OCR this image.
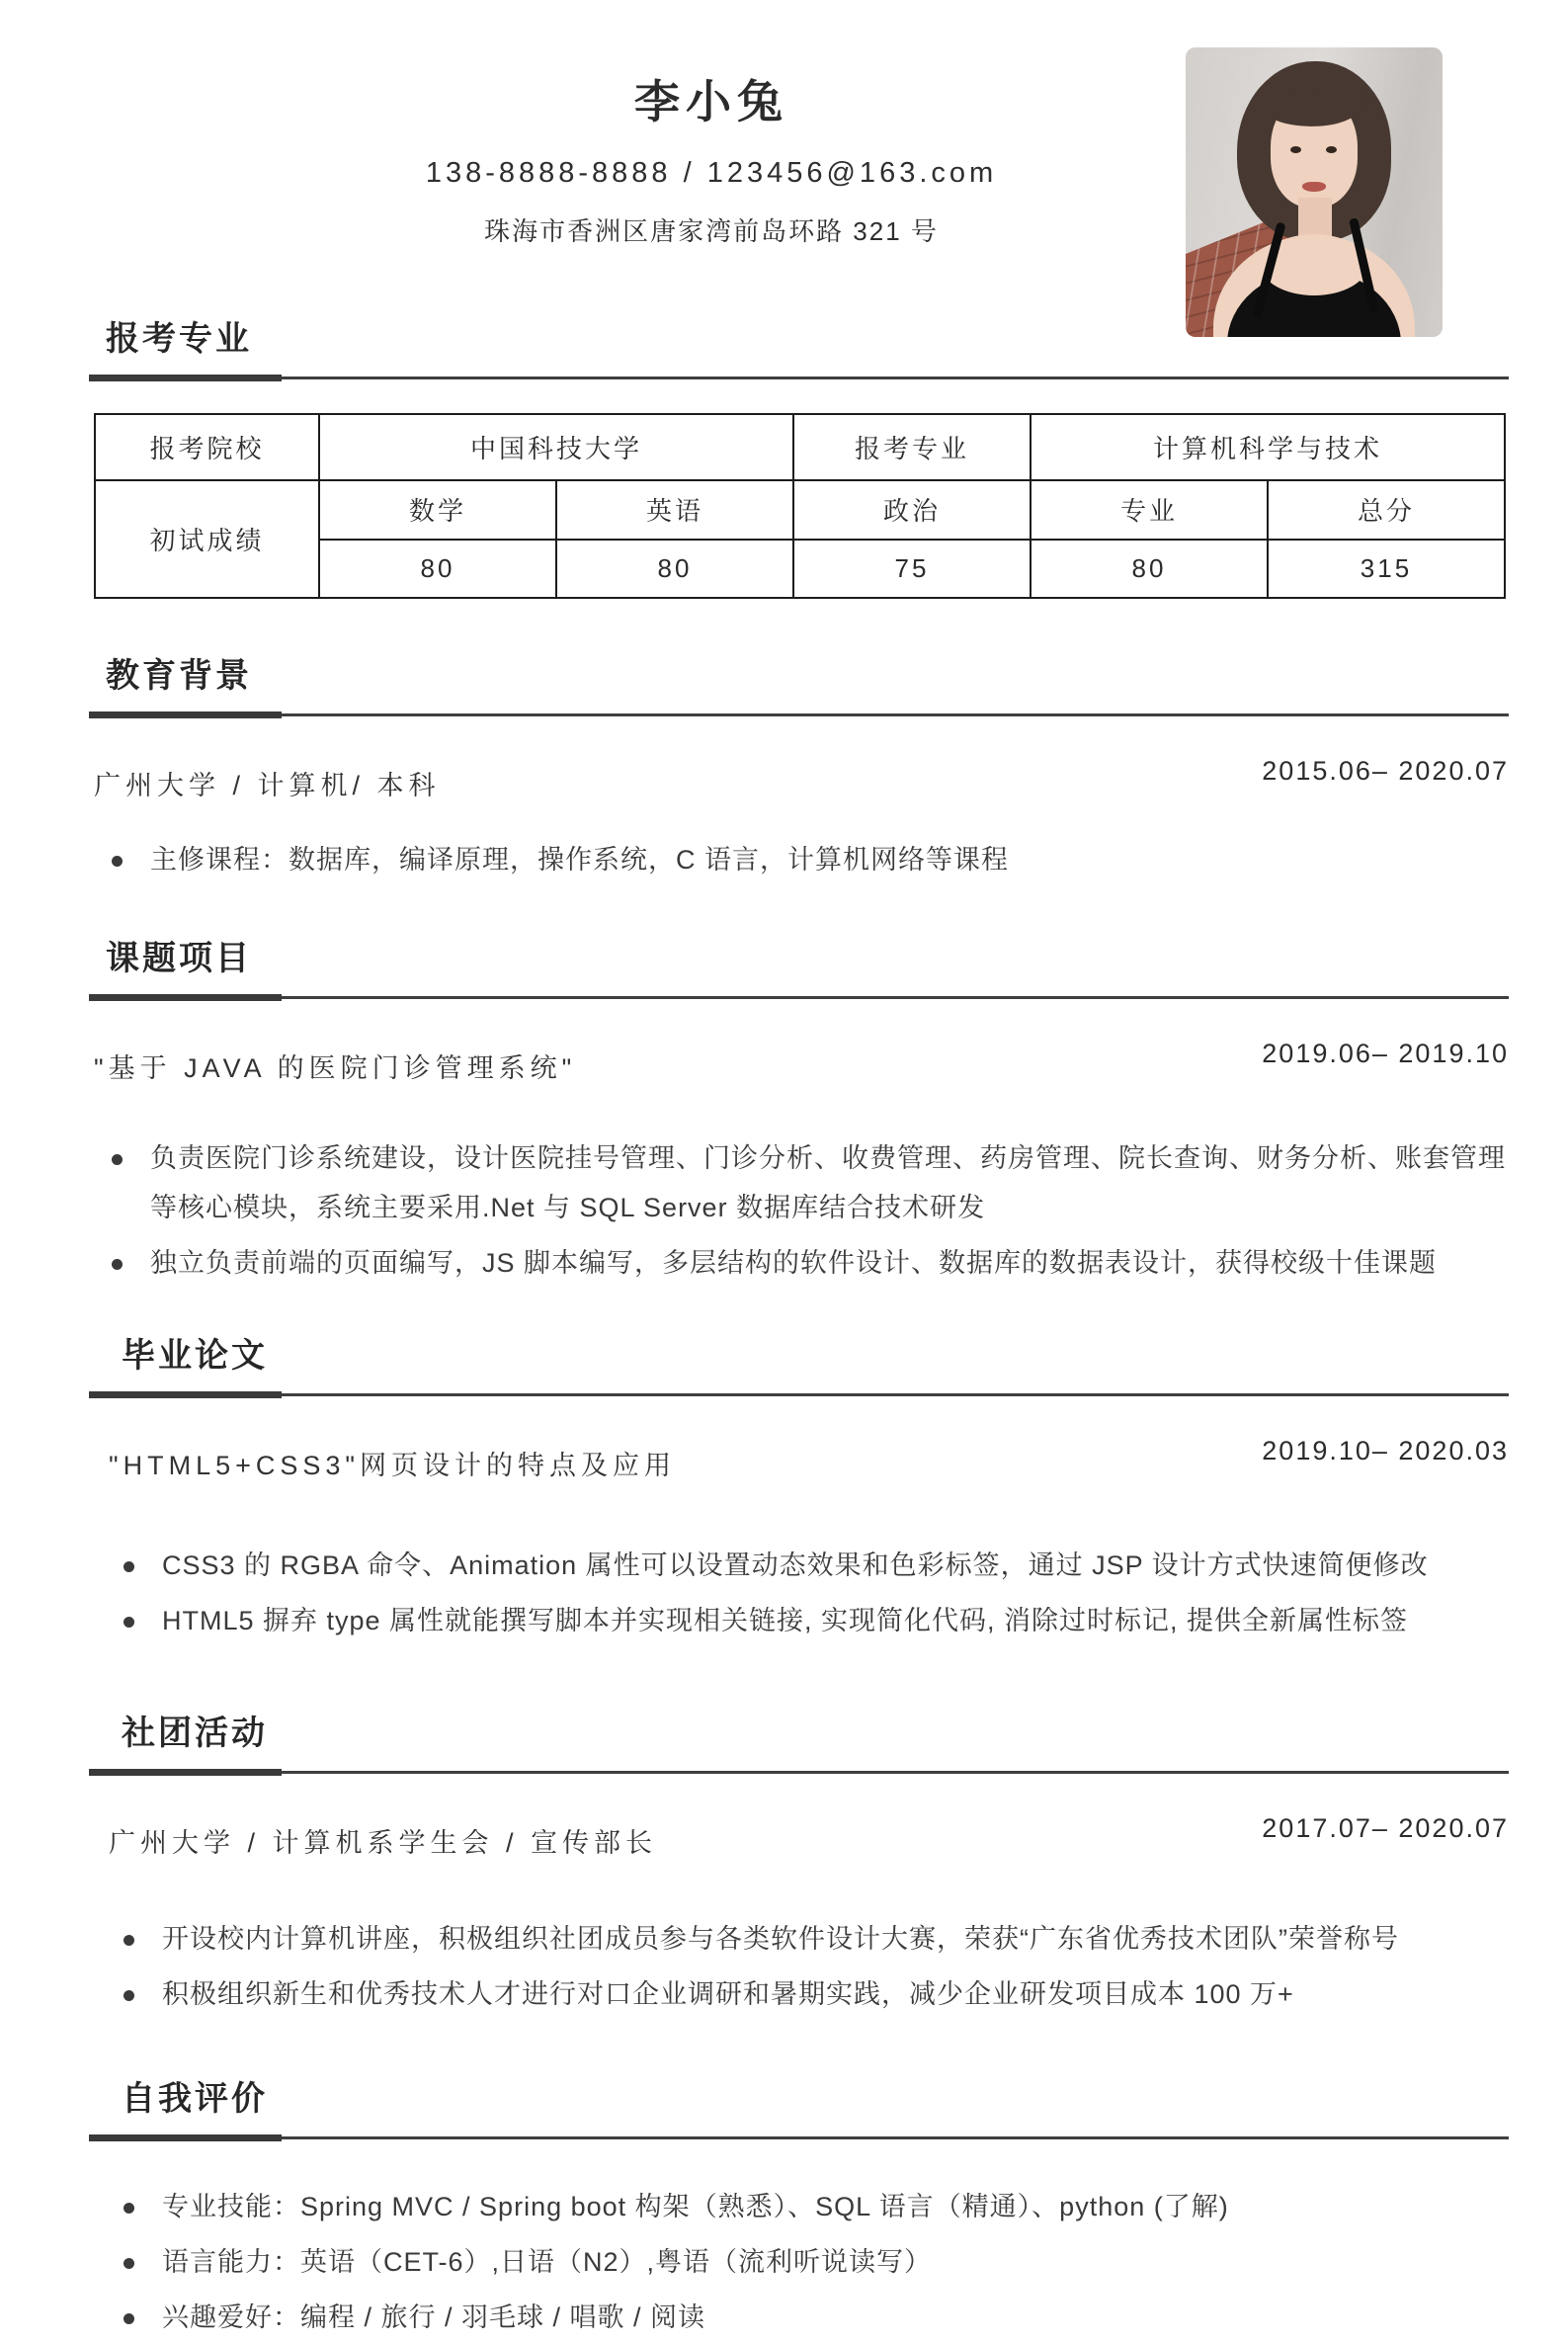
李小兔
138-8888-8888 / 123456@163.com
珠海市香洲区唐家湾前岛环路 321 号
报考专业
报考院校	中国科技大学		报考专业	计算机科学与技术	
初试成绩	数学	英语	政治	专业	总分
	80	80	75	80	315
教育背景
广州大学 / 计算机/ 本科	2015.06– 2020.07
主修课程：数据库，编译原理，操作系统，C 语言，计算机网络等课程
课题项目
"基于 JAVA 的医院门诊管理系统"	2019.06– 2019.10
负责医院门诊系统建设，设计医院挂号管理、门诊分析、收费管理、药房管理、院长查询、财务分析、账套管理等核心模块，系统主要采用.Net 与 SQL Server 数据库结合技术研发
独立负责前端的页面编写，JS 脚本编写，多层结构的软件设计、数据库的数据表设计，获得校级十佳课题
毕业论文
"HTML5+CSS3"网页设计的特点及应用	2019.10– 2020.03
CSS3 的 RGBA 命令、Animation 属性可以设置动态效果和色彩标签，通过 JSP 设计方式快速简便修改
HTML5 摒弃 type 属性就能撰写脚本并实现相关链接, 实现简化代码, 消除过时标记, 提供全新属性标签
社团活动
广州大学 / 计算机系学生会 / 宣传部长	2017.07– 2020.07
开设校内计算机讲座，积极组织社团成员参与各类软件设计大赛，荣获“广东省优秀技术团队”荣誉称号
积极组织新生和优秀技术人才进行对口企业调研和暑期实践，减少企业研发项目成本 100 万+
自我评价
专业技能：Spring MVC / Spring boot 构架（熟悉）、SQL 语言（精通）、python (了解)
语言能力：英语（CET-6）,日语（N2）,粤语（流利听说读写）
兴趣爱好：编程 / 旅行 / 羽毛球 / 唱歌 / 阅读
